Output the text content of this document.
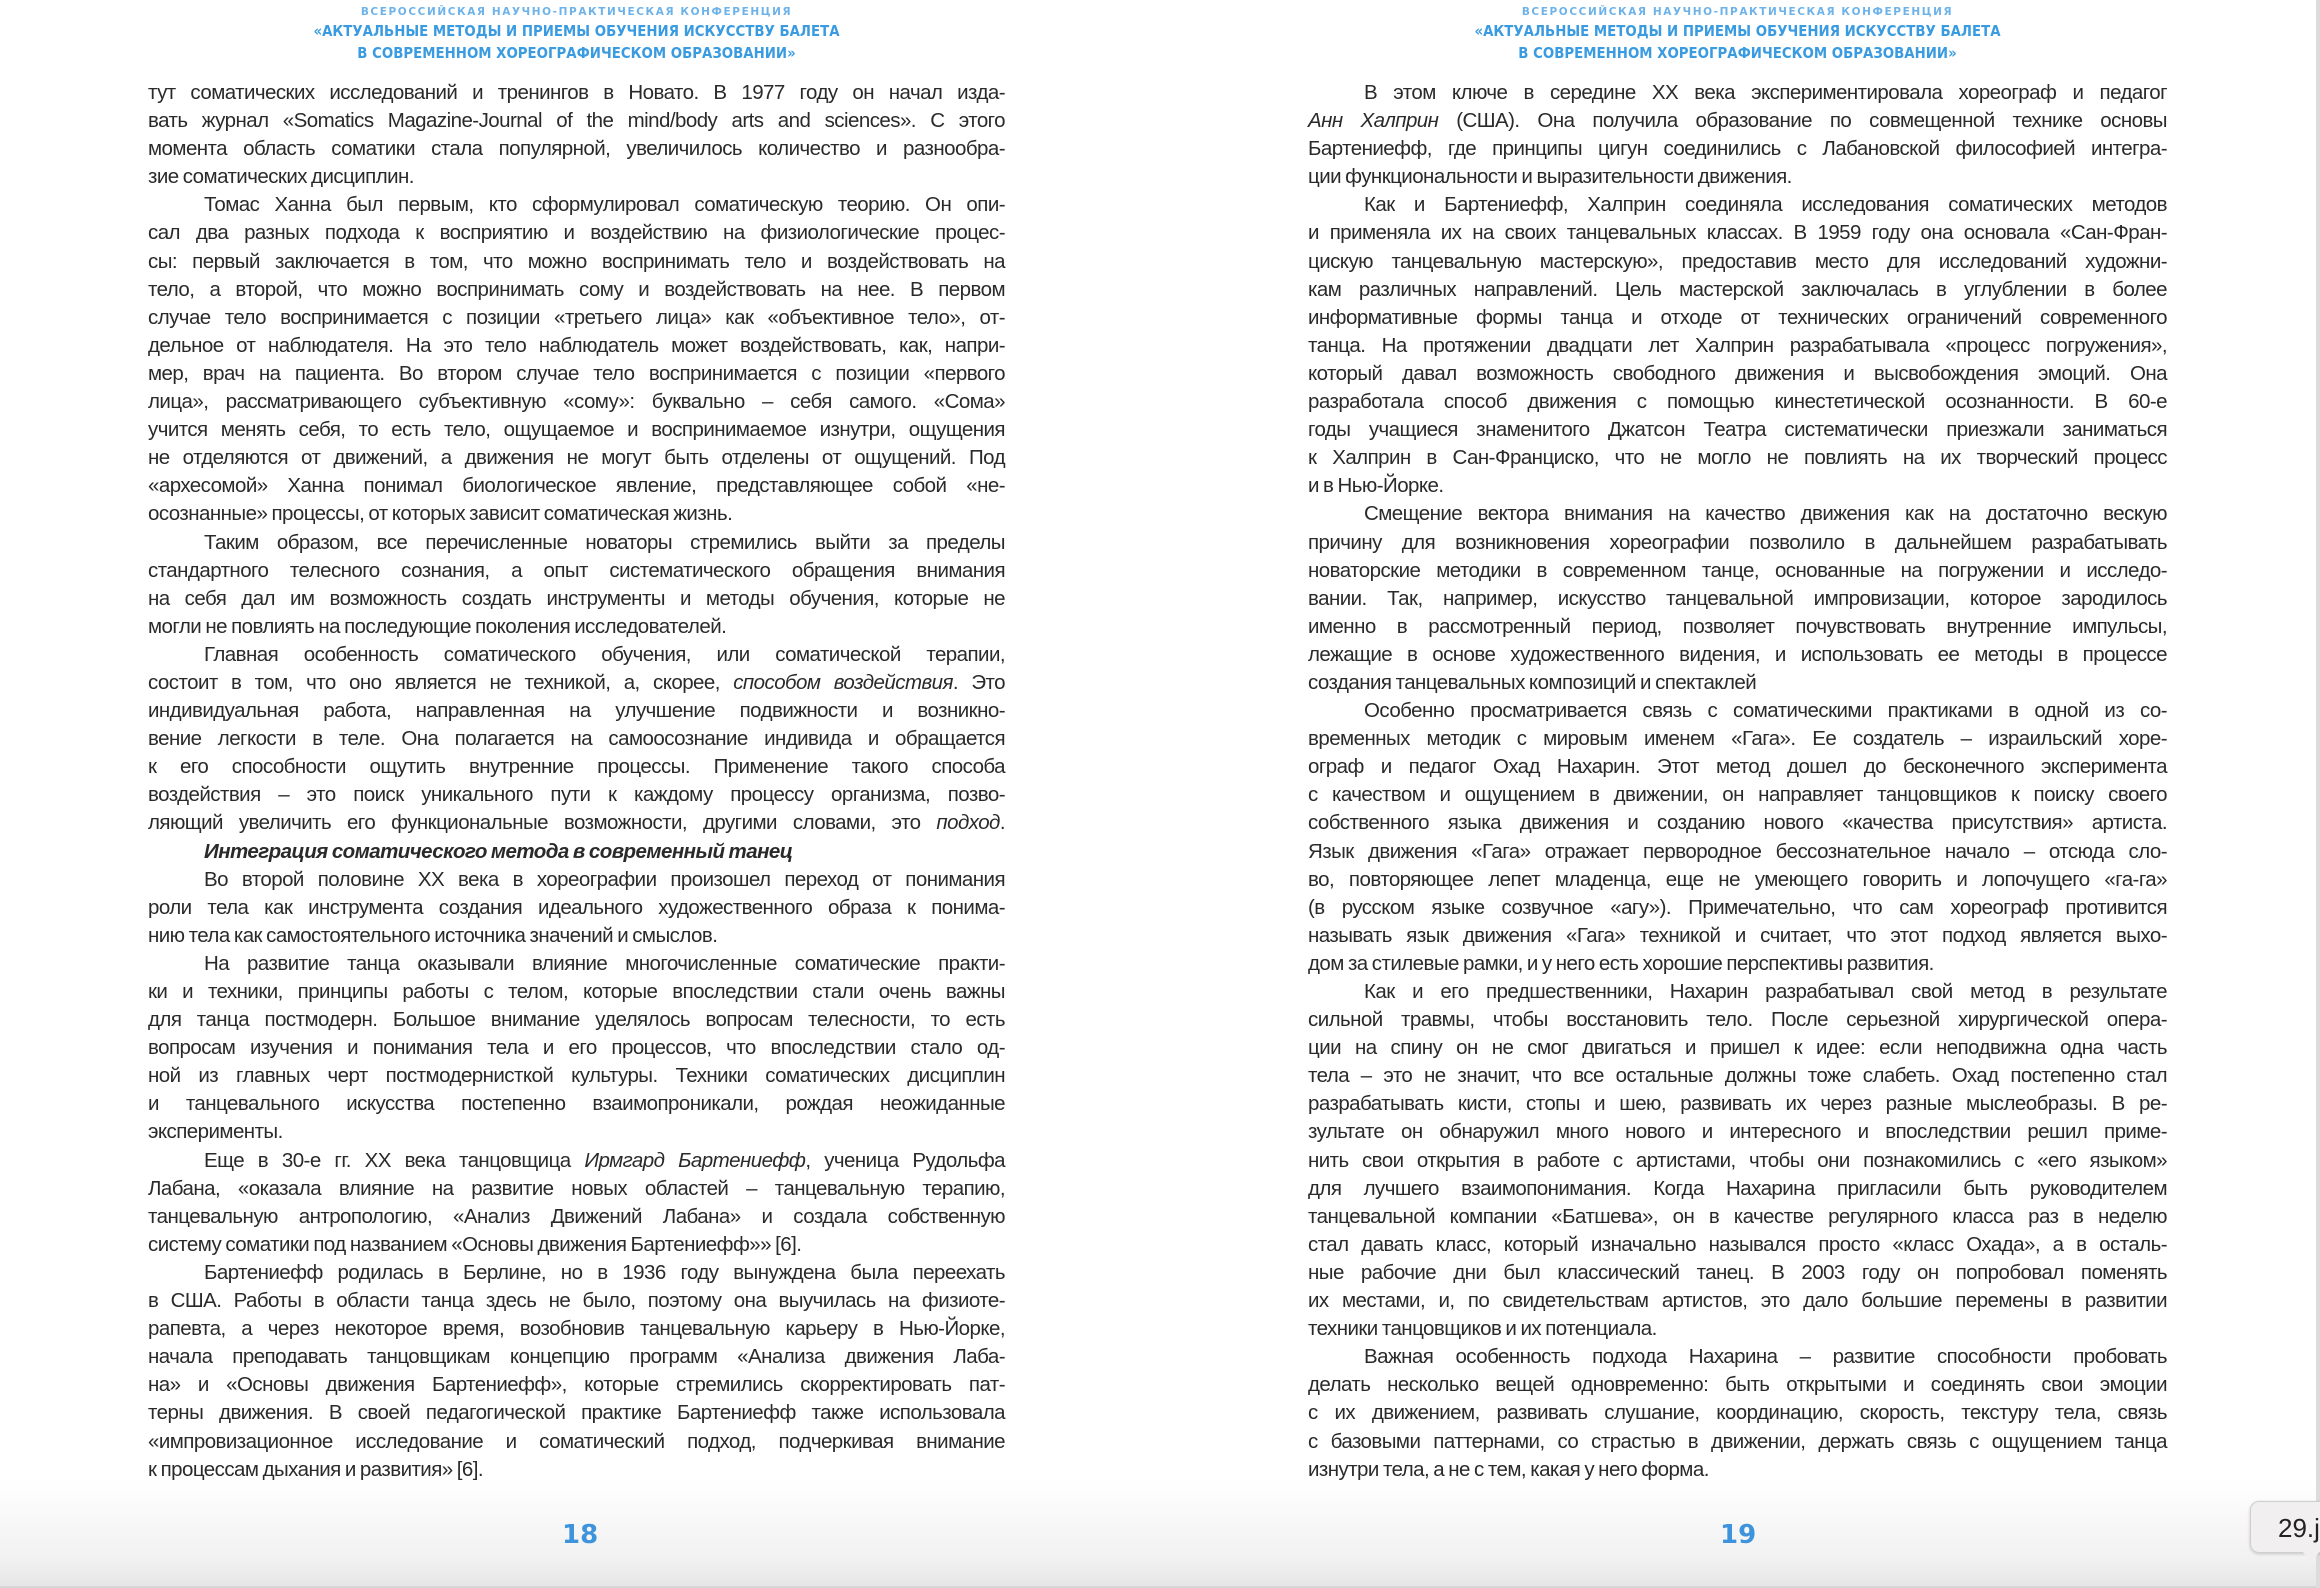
ВСЕРОССИЙСКАЯ НАУЧНО-ПРАКТИЧЕСКАЯ КОНФЕРЕНЦИЯ
«АКТУАЛЬНЫЕ МЕТОДЫ И ПРИЕМЫ ОБУЧЕНИЯ ИСКУССТВУ БАЛЕТА
В СОВРЕМЕННОМ ХОРЕОГРАФИЧЕСКОМ ОБРАЗОВАНИИ»
тут соматических исследований и тренингов в Новато. В 1977 году он начал изда-
вать журнал «Somatics Magazine-Journal of the mind/body arts and sciences». С этого
момента область соматики стала популярной, увеличилось количество и разнообра-
зие соматических дисциплин.
Томас Ханна был первым, кто сформулировал соматическую теорию. Он опи-
сал два разных подхода к восприятию и воздействию на физиологические процес-
сы: первый заключается в том, что можно воспринимать тело и воздействовать на
тело, а второй, что можно воспринимать сому и воздействовать на нее. В первом
случае тело воспринимается с позиции «третьего лица» как «объективное тело», от-
дельное от наблюдателя. На это тело наблюдатель может воздействовать, как, напри-
мер, врач на пациента. Во втором случае тело воспринимается с позиции «первого
лица», рассматривающего субъективную «сому»: буквально – себя самого. «Сома»
учится менять себя, то есть тело, ощущаемое и воспринимаемое изнутри, ощущения
не отделяются от движений, а движения не могут быть отделены от ощущений. Под
«архесомой» Ханна понимал биологическое явление, представляющее собой «не-
осознанные» процессы, от которых зависит соматическая жизнь.
Таким образом, все перечисленные новаторы стремились выйти за пределы
стандартного телесного сознания, а опыт систематического обращения внимания
на себя дал им возможность создать инструменты и методы обучения, которые не
могли не повлиять на последующие поколения исследователей.
Главная особенность соматического обучения, или соматической терапии,
состоит в том, что оно является не техникой, а, скорее, способом воздействия. Это
индивидуальная работа, направленная на улучшение подвижности и возникно-
вение легкости в теле. Она полагается на самоосознание индивида и обращается
к его способности ощутить внутренние процессы. Применение такого способа
воздействия – это поиск уникального пути к каждому процессу организма, позво-
ляющий увеличить его функциональные возможности, другими словами, это подход.
Интеграция соматического метода в современный танец
Во второй половине XX века в хореографии произошел переход от понимания
роли тела как инструмента создания идеального художественного образа к понима-
нию тела как самостоятельного источника значений и смыслов.
На развитие танца оказывали влияние многочисленные соматические практи-
ки и техники, принципы работы с телом, которые впоследствии стали очень важны
для танца постмодерн. Большое внимание уделялось вопросам телесности, то есть
вопросам изучения и понимания тела и его процессов, что впоследствии стало од-
ной из главных черт постмодернисткой культуры. Техники соматических дисциплин
и танцевального искусства постепенно взаимопроникали, рождая неожиданные
эксперименты.
Еще в 30-е гг. XX века танцовщица Ирмгард Бартениефф, ученица Рудольфа
Лабана, «оказала влияние на развитие новых областей – танцевальную терапию,
танцевальную антропологию, «Анализ Движений Лабана» и создала собственную
систему соматики под названием «Основы движения Бартениефф»» [6].
Бартениефф родилась в Берлине, но в 1936 году вынуждена была переехать
в США. Работы в области танца здесь не было, поэтому она выучилась на физиоте-
рапевта, а через некоторое время, возобновив танцевальную карьеру в Нью-Йорке,
начала преподавать танцовщикам концепцию программ «Анализа движения Лаба-
на» и «Основы движения Бартениефф», которые стремились скорректировать пат-
терны движения. В своей педагогической практике Бартениефф также использовала
«импровизационное исследование и соматический подход, подчеркивая внимание
к процессам дыхания и развития» [6].
18
ВСЕРОССИЙСКАЯ НАУЧНО-ПРАКТИЧЕСКАЯ КОНФЕРЕНЦИЯ
«АКТУАЛЬНЫЕ МЕТОДЫ И ПРИЕМЫ ОБУЧЕНИЯ ИСКУССТВУ БАЛЕТА
В СОВРЕМЕННОМ ХОРЕОГРАФИЧЕСКОМ ОБРАЗОВАНИИ»
В этом ключе в середине XX века экспериментировала хореограф и педагог
Анн Халприн (США). Она получила образование по совмещенной технике основы
Бартениефф, где принципы цигун соединились с Лабановской философией интегра-
ции функциональности и выразительности движения.
Как и Бартениефф, Халприн соединяла исследования соматических методов
и применяла их на своих танцевальных классах. В 1959 году она основала «Сан-Фран-
цискую танцевальную мастерскую», предоставив место для исследований художни-
кам различных направлений. Цель мастерской заключалась в углублении в более
информативные формы танца и отходе от технических ограничений современного
танца. На протяжении двадцати лет Халприн разрабатывала «процесс погружения»,
который давал возможность свободного движения и высвобождения эмоций. Она
разработала способ движения с помощью кинестетической осознанности. В 60-е
годы учащиеся знаменитого Джатсон Театра систематически приезжали заниматься
к Халприн в Сан-Франциско, что не могло не повлиять на их творческий процесс
и в Нью-Йорке.
Смещение вектора внимания на качество движения как на достаточно вескую
причину для возникновения хореографии позволило в дальнейшем разрабатывать
новаторские методики в современном танце, основанные на погружении и исследо-
вании. Так, например, искусство танцевальной импровизации, которое зародилось
именно в рассмотренный период, позволяет почувствовать внутренние импульсы,
лежащие в основе художественного видения, и использовать ее методы в процессе
создания танцевальных композиций и спектаклей
Особенно просматривается связь с соматическими практиками в одной из со-
временных методик с мировым именем «Гага». Ее создатель – израильский хоре-
ограф и педагог Охад Нахарин. Этот метод дошел до бесконечного эксперимента
с качеством и ощущением в движении, он направляет танцовщиков к поиску своего
собственного языка движения и созданию нового «качества присутствия» артиста.
Язык движения «Гага» отражает первородное бессознательное начало – отсюда сло-
во, повторяющее лепет младенца, еще не умеющего говорить и лопочущего «га-га»
(в русском языке созвучное «агу»). Примечательно, что сам хореограф противится
называть язык движения «Гага» техникой и считает, что этот подход является выхо-
дом за стилевые рамки, и у него есть хорошие перспективы развития.
Как и его предшественники, Нахарин разрабатывал свой метод в результате
сильной травмы, чтобы восстановить тело. После серьезной хирургической опера-
ции на спину он не смог двигаться и пришел к идее: если неподвижна одна часть
тела – это не значит, что все остальные должны тоже слабеть. Охад постепенно стал
разрабатывать кисти, стопы и шею, развивать их через разные мыслеобразы. В ре-
зультате он обнаружил много нового и интересного и впоследствии решил приме-
нить свои открытия в работе с артистами, чтобы они познакомились с «его языком»
для лучшего взаимопонимания. Когда Нахарина пригласили быть руководителем
танцевальной компании «Батшева», он в качестве регулярного класса раз в неделю
стал давать класс, который изначально назывался просто «класс Охада», а в осталь-
ные рабочие дни был классический танец. В 2003 году он попробовал поменять
их местами, и, по свидетельствам артистов, это дало большие перемены в развитии
техники танцовщиков и их потенциала.
Важная особенность подхода Нахарина – развитие способности пробовать
делать несколько вещей одновременно: быть открытыми и соединять свои эмоции
с их движением, развивать слушание, координацию, скорость, текстуру тела, связь
с базовыми паттернами, со страстью в движении, держать связь с ощущением танца
изнутри тела, а не с тем, какая у него форма.
19	29.j
